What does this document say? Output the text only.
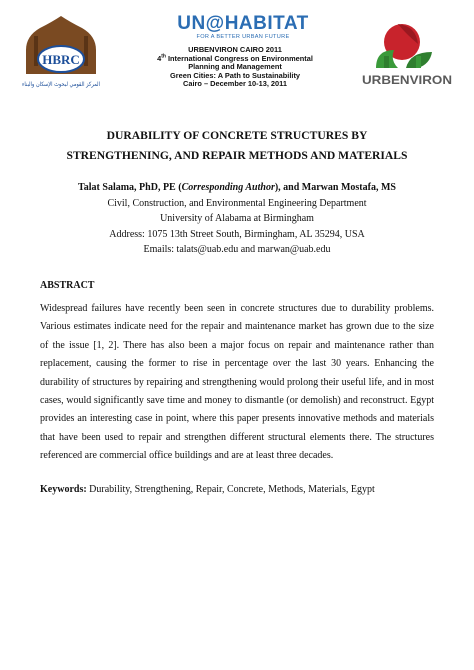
HBRC
المركز القومي لبحوث الإسكان والبناء
UN@HABITAT
FOR A BETTER URBAN FUTURE
URBENVIRON CAIRO 2011
4th International Congress on Environmental
Planning and Management
Green Cities: A Path to Sustainability
Cairo – December 10-13, 2011	URBENVIRON
DURABILITY OF CONCRETE STRUCTURES BY
STRENGTHENING, AND REPAIR METHODS AND MATERIALS
Talat Salama, PhD, PE (Corresponding Author), and Marwan Mostafa, MS
Civil, Construction, and Environmental Engineering Department
University of Alabama at Birmingham
Address: 1075 13th Street South, Birmingham, AL 35294, USA
Emails: talats@uab.edu and marwan@uab.edu
ABSTRACT

Widespread failures have recently been seen in concrete structures due to durability problems. Various estimates indicate need for the repair and maintenance market has grown due to the size of the issue [1, 2]. There has also been a major focus on repair and maintenance rather than replacement, causing the former to rise in percentage over the last 30 years. Enhancing the durability of structures by repairing and strengthening would prolong their useful life, and in most cases, would significantly save time and money to dismantle (or demolish) and reconstruct. Egypt provides an interesting case in point, where this paper presents innovative methods and materials that have been used to repair and strengthen different structural elements there. The structures referenced are commercial office buildings and are at least three decades.

Keywords: Durability, Strengthening, Repair, Concrete, Methods, Materials, Egypt
